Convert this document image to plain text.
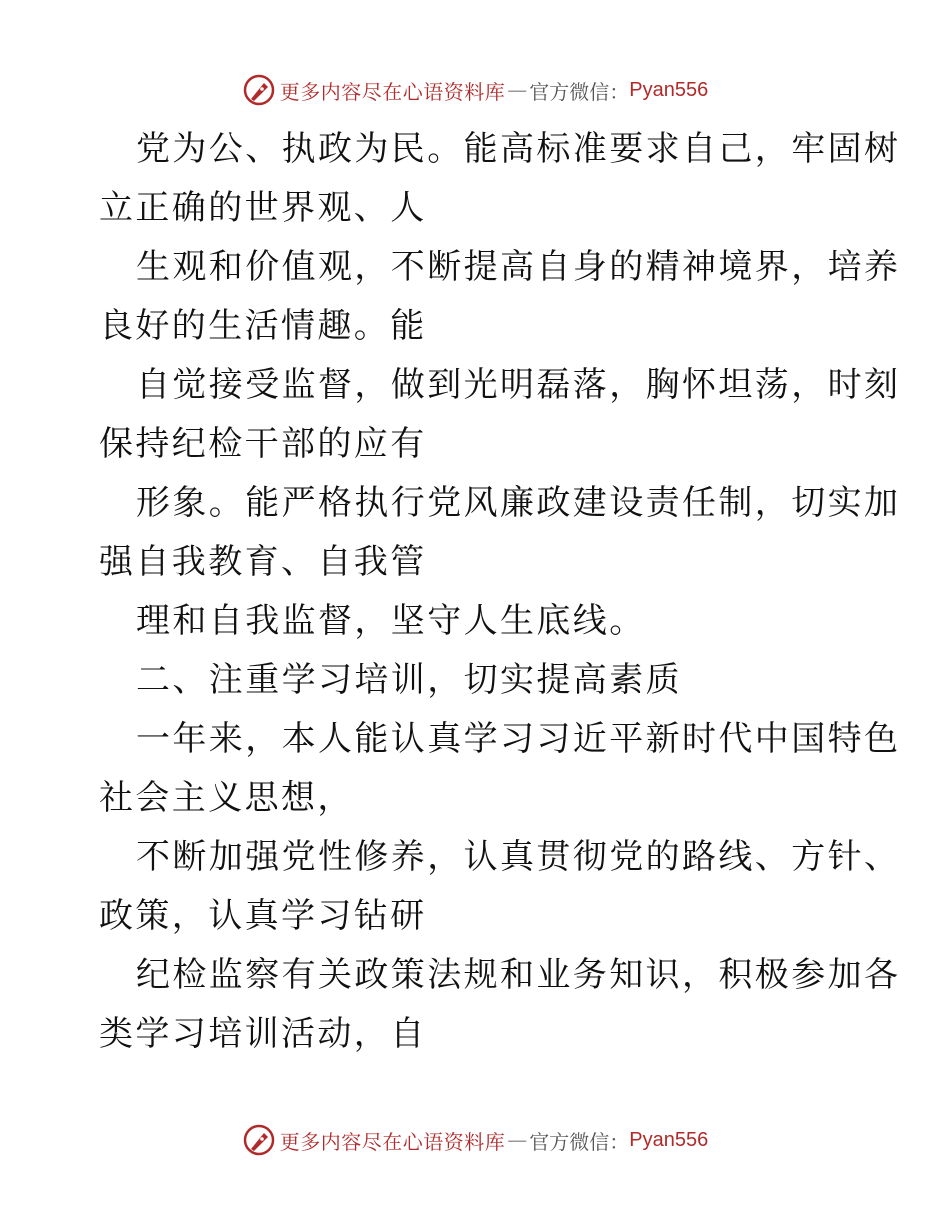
更多内容尽在心语资料库 — 官方微信： Pyan556
党为公、执政为民。能高标准要求自己，牢固树
立正确的世界观、人
生观和价值观，不断提高自身的精神境界，培养
良好的生活情趣。能
自觉接受监督，做到光明磊落，胸怀坦荡，时刻
保持纪检干部的应有
形象。能严格执行党风廉政建设责任制，切实加
强自我教育、自我管
理和自我监督，坚守人生底线。
二、注重学习培训，切实提高素质
一年来，本人能认真学习习近平新时代中国特色
社会主义思想，
不断加强党性修养，认真贯彻党的路线、方针、
政策，认真学习钻研
纪检监察有关政策法规和业务知识，积极参加各
类学习培训活动，自
更多内容尽在心语资料库 — 官方微信： Pyan556
